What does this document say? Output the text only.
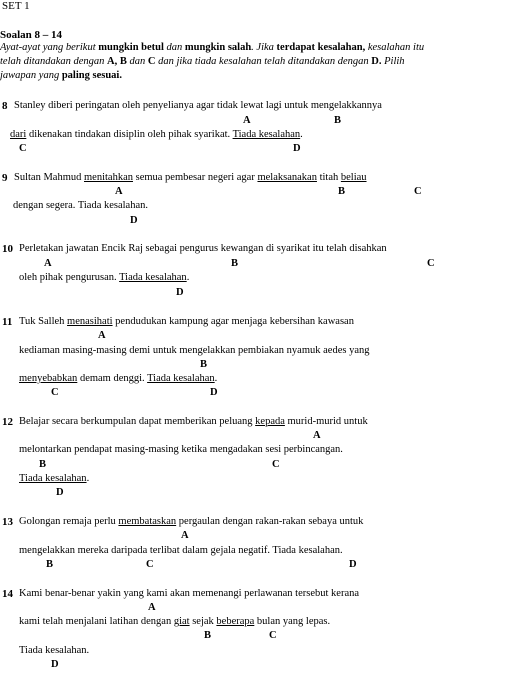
SET 1
Soalan 8 – 14
Ayat-ayat yang berikut mungkin betul dan mungkin salah. Jika terdapat kesalahan, kesalahan itu
telah ditandakan dengan A, B dan C dan jika tiada kesalahan telah ditandakan dengan D. Pilih
jawapan yang paling sesuai.
8 Stanley diberi peringatan oleh penyelianya agar tidak lewat lagi untuk mengelakkannya
A	B
dari dikenakan tindakan disiplin oleh pihak syarikat. Tiada kesalahan.
C	D
9 Sultan Mahmud menitahkan semua pembesar negeri agar melaksanakan titah beliau
A	B	C
dengan segera. Tiada kesalahan.
D
10 Perletakan jawatan Encik Raj sebagai pengurus kewangan di syarikat itu telah disahkan
A	B	C
oleh pihak pengurusan. Tiada kesalahan.
D
11 Tuk Salleh menasihati pendudukan kampung agar menjaga kebersihan kawasan
A
kediaman masing-masing demi untuk mengelakkan pembiakan nyamuk aedes yang
B
menyebabkan demam denggi. Tiada kesalahan.
C	D
12 Belajar secara berkumpulan dapat memberikan peluang kepada murid-murid untuk
A
melontarkan pendapat masing-masing ketika mengadakan sesi perbincangan.
B	C
Tiada kesalahan.
D
13 Golongan remaja perlu membataskan pergaulan dengan rakan-rakan sebaya untuk
A
mengelakkan mereka daripada terlibat dalam gejala negatif. Tiada kesalahan.
B	C	D
14 Kami benar-benar yakin yang kami akan memenangi perlawanan tersebut kerana
A
kami telah menjalani latihan dengan giat sejak beberapa bulan yang lepas.
B	C
Tiada kesalahan.
D
